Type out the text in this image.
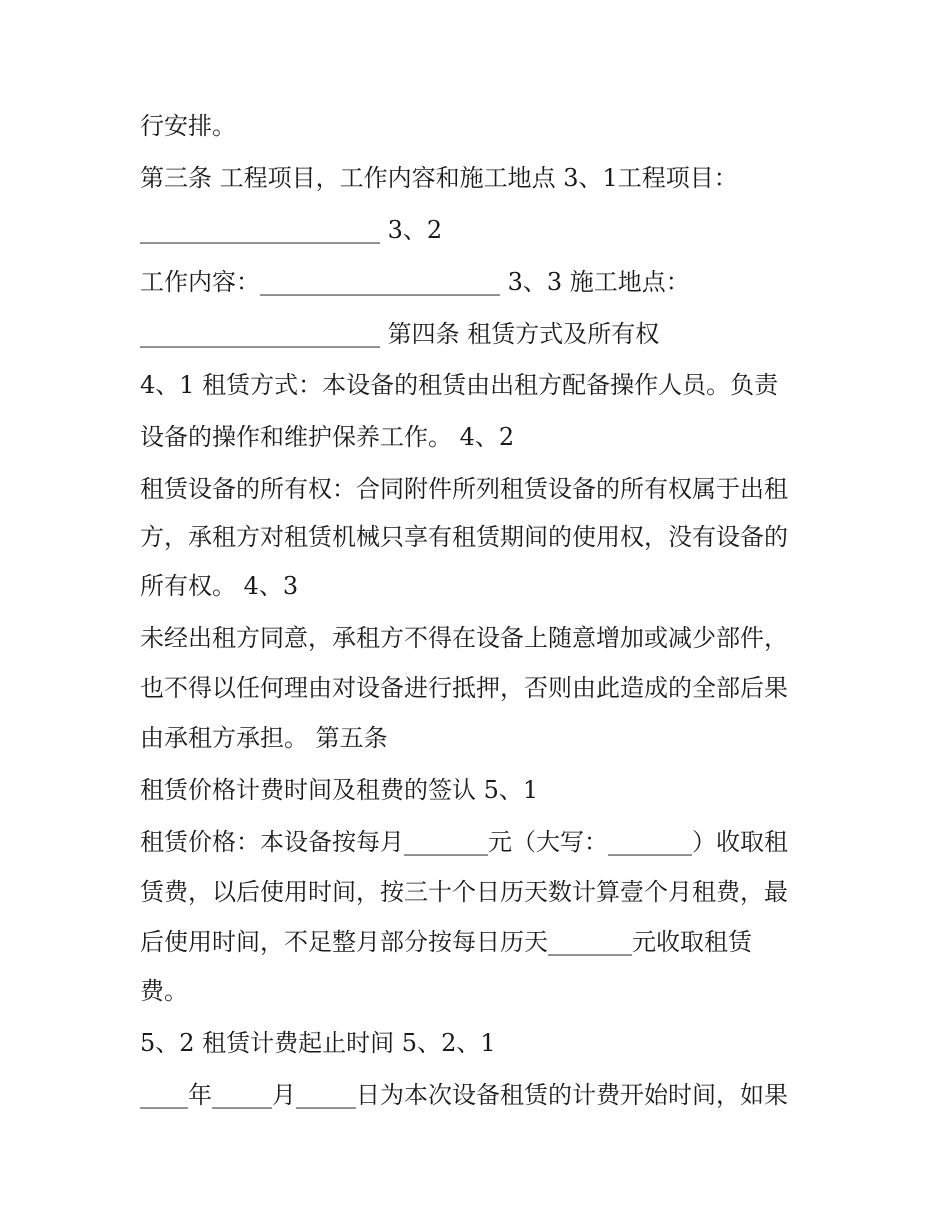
行安排。

第三条 工程项目，工作内容和施工地点 3、1工程项目：

____________________ 3、2

工作内容：____________________ 3、3 施工地点：

____________________ 第四条 租赁方式及所有权

4、1 租赁方式：本设备的租赁由出租方配备操作人员。负责

设备的操作和维护保养工作。 4、2

租赁设备的所有权：合同附件所列租赁设备的所有权属于出租

方，承租方对租赁机械只享有租赁期间的使用权，没有设备的

所有权。 4、3

未经出租方同意，承租方不得在设备上随意增加或减少部件，

也不得以任何理由对设备进行抵押，否则由此造成的全部后果

由承租方承担。 第五条

租赁价格计费时间及租费的签认 5、1

租赁价格：本设备按每月_______元（大写：_______）收取租

赁费，以后使用时间，按三十个日历天数计算壹个月租费，最

后使用时间，不足整月部分按每日历天_______元收取租赁

费。

5、2 租赁计费起止时间 5、2、1

____年_____月_____日为本次设备租赁的计费开始时间，如果
